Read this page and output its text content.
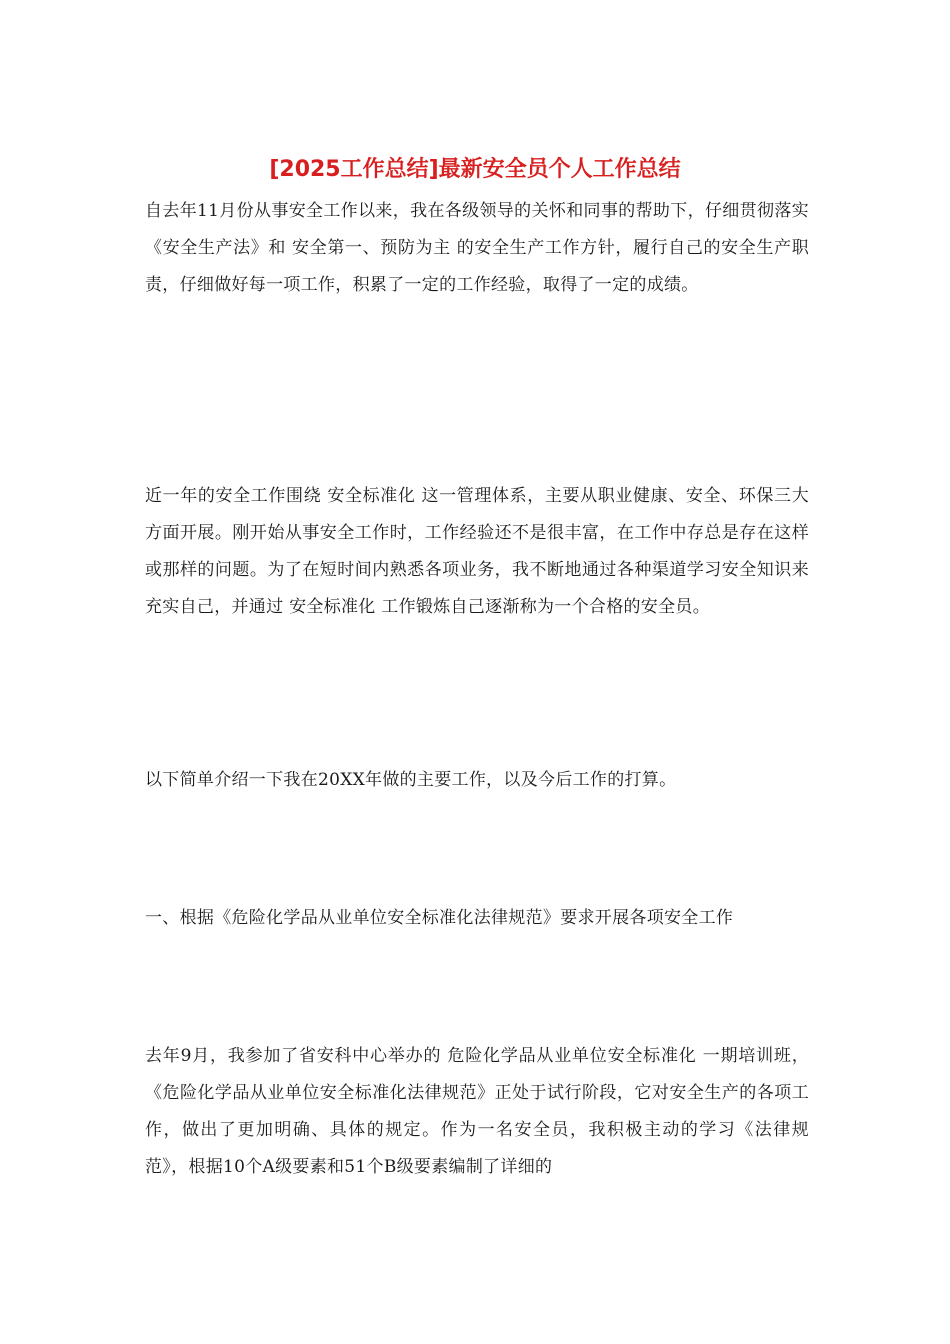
[2025工作总结]最新安全员个人工作总结

自去年11月份从事安全工作以来，我在各级领导的关怀和同事的帮助下，仔细贯彻落实《安全生产法》和 安全第一、预防为主 的安全生产工作方针，履行自己的安全生产职责，仔细做好每一项工作，积累了一定的工作经验，取得了一定的成绩。

近一年的安全工作围绕 安全标准化 这一管理体系，主要从职业健康、安全、环保三大方面开展。刚开始从事安全工作时，工作经验还不是很丰富，在工作中存总是存在这样或那样的问题。为了在短时间内熟悉各项业务，我不断地通过各种渠道学习安全知识来充实自己，并通过 安全标准化 工作锻炼自己逐渐称为一个合格的安全员。

以下简单介绍一下我在20XX年做的主要工作，以及今后工作的打算。

一、根据《危险化学品从业单位安全标准化法律规范》要求开展各项安全工作

去年9月，我参加了省安科中心举办的 危险化学品从业单位安全标准化 一期培训班，《危险化学品从业单位安全标准化法律规范》正处于试行阶段，它对安全生产的各项工作，做出了更加明确、具体的规定。作为一名安全员，我积极主动的学习《法律规范》，根据10个A级要素和51个B级要素编制了详细的
